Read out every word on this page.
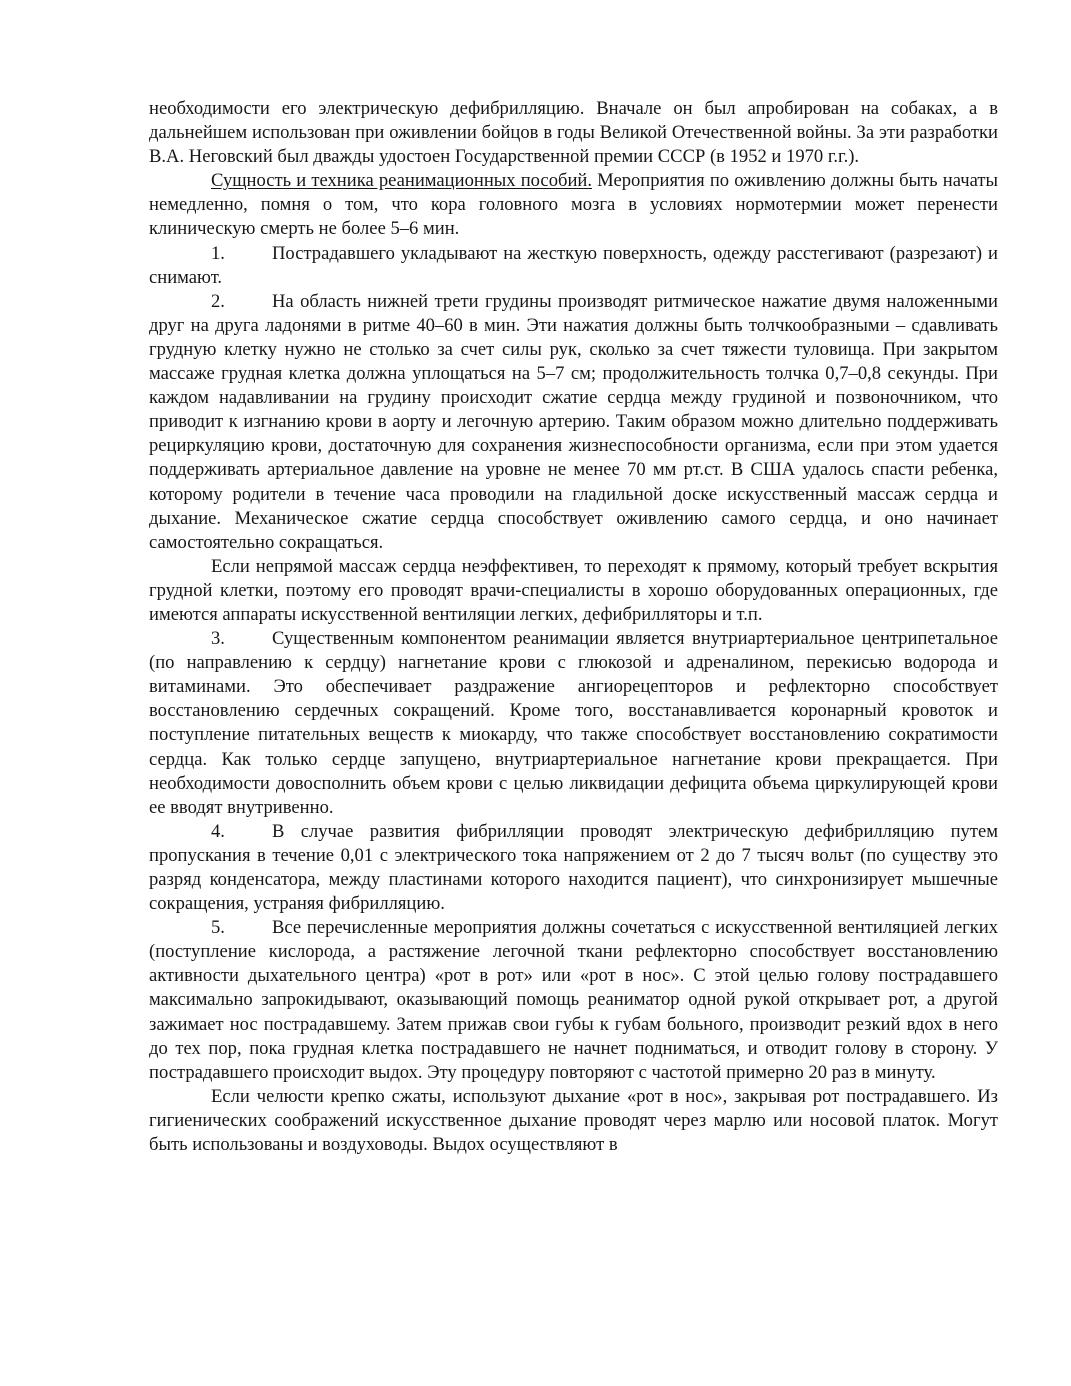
необходимости его электрическую дефибрилляцию. Вначале он был апробирован на собаках, а в дальнейшем использован при оживлении бойцов в годы Великой Отечественной войны. За эти разработки В.А. Неговский был дважды удостоен Государственной премии СССР (в 1952 и 1970 г.г.).

Сущность и техника реанимационных пособий. Мероприятия по оживлению должны быть начаты немедленно, помня о том, что кора головного мозга в условиях нормотермии может перенести клиническую смерть не более 5–6 мин.

1.	Пострадавшего укладывают на жесткую поверхность, одежду расстегивают (разрезают) и снимают.

2.	На область нижней трети грудины производят ритмическое нажатие двумя наложенными друг на друга ладонями в ритме 40–60 в мин. Эти нажатия должны быть толчкообразными – сдавливать грудную клетку нужно не столько за счет силы рук, сколько за счет тяжести туловища. При закрытом массаже грудная клетка должна уплощаться на 5–7 см; продолжительность толчка 0,7–0,8 секунды. При каждом надавливании на грудину происходит сжатие сердца между грудиной и позвоночником, что приводит к изгнанию крови в аорту и легочную артерию. Таким образом можно длительно поддерживать рециркуляцию крови, достаточную для сохранения жизнеспособности организма, если при этом удается поддерживать артериальное давление на уровне не менее 70 мм рт.ст. В США удалось спасти ребенка, которому родители в течение часа проводили на гладильной доске искусственный массаж сердца и дыхание. Механическое сжатие сердца способствует оживлению самого сердца, и оно начинает самостоятельно сокращаться.

Если непрямой массаж сердца неэффективен, то переходят к прямому, который требует вскрытия грудной клетки, поэтому его проводят врачи-специалисты в хорошо оборудованных операционных, где имеются аппараты искусственной вентиляции легких, дефибрилляторы и т.п.

3.	Существенным компонентом реанимации является внутриартериальное центрипетальное (по направлению к сердцу) нагнетание крови с глюкозой и адреналином, перекисью водорода и витаминами. Это обеспечивает раздражение ангиорецепторов и рефлекторно способствует восстановлению сердечных сокращений. Кроме того, восстанавливается коронарный кровоток и поступление питательных веществ к миокарду, что также способствует восстановлению сократимости сердца. Как только сердце запущено, внутриартериальное нагнетание крови прекращается. При необходимости довосполнить объем крови с целью ликвидации дефицита объема циркулирующей крови ее вводят внутривенно.

4.	В случае развития фибрилляции проводят электрическую дефибрилляцию путем пропускания в течение 0,01 с электрического тока напряжением от 2 до 7 тысяч вольт (по существу это разряд конденсатора, между пластинами которого находится пациент), что синхронизирует мышечные сокращения, устраняя фибрилляцию.

5.	Все перечисленные мероприятия должны сочетаться с искусственной вентиляцией легких (поступление кислорода, а растяжение легочной ткани рефлекторно способствует восстановлению активности дыхательного центра) «рот в рот» или «рот в нос». С этой целью голову пострадавшего максимально запрокидывают, оказывающий помощь реаниматор одной рукой открывает рот, а другой зажимает нос пострадавшему. Затем прижав свои губы к губам больного, производит резкий вдох в него до тех пор, пока грудная клетка пострадавшего не начнет подниматься, и отводит голову в сторону. У пострадавшего происходит выдох. Эту процедуру повторяют с частотой примерно 20 раз в минуту.

Если челюсти крепко сжаты, используют дыхание «рот в нос», закрывая рот пострадавшего. Из гигиенических соображений искусственное дыхание проводят через марлю или носовой платок. Могут быть использованы и воздуховоды. Выдох осуществляют в
